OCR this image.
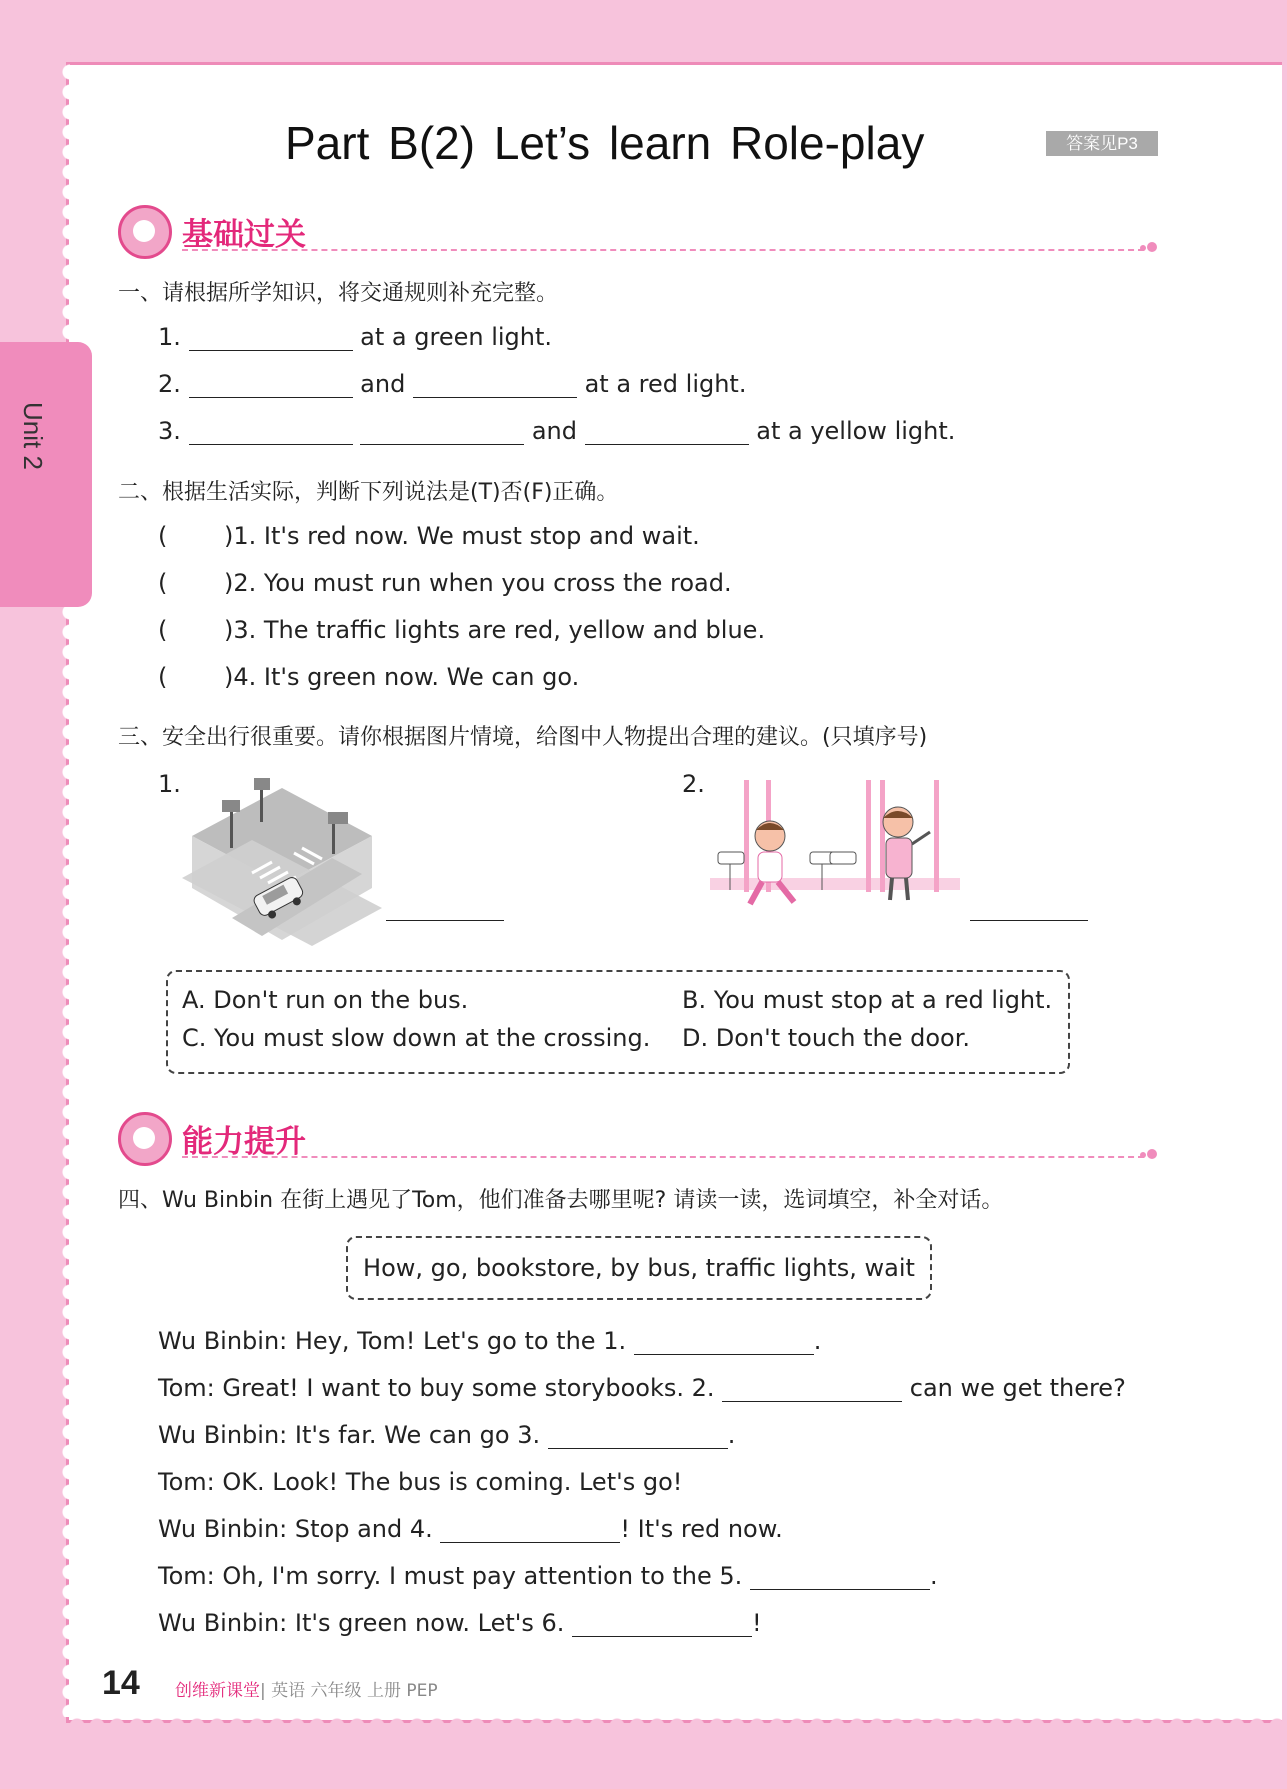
Unit 2
Part B(2) Let’s learn Role-play	答案见P3
基础过关
一、请根据所学知识，将交通规则补充完整。
1.	at a green light.
2.	and	at a red light.
3.	and	at a yellow light.
二、根据生活实际，判断下列说法是(T)否(F)正确。
( )1. It's red now. We must stop and wait.
( )2. You must run when you cross the road.
( )3. The traffic lights are red, yellow and blue.
( )4. It's green now. We can go.
三、安全出行很重要。请你根据图片情境，给图中人物提出合理的建议。(只填序号)
1.	2.
A. Don't run on the bus.	B. You must stop at a red light.
C. You must slow down at the crossing. D. Don't touch the door.
能力提升
四、Wu Binbin 在街上遇见了Tom，他们准备去哪里呢? 请读一读，选词填空，补全对话。
How, go, bookstore, by bus, traffic lights, wait
Wu Binbin: Hey, Tom! Let's go to the 1.	.
Tom: Great! I want to buy some storybooks. 2.	can we get there?
Wu Binbin: It's far. We can go 3.	.
Tom: OK. Look! The bus is coming. Let's go!
Wu Binbin: Stop and 4.	! It's red now.
Tom: Oh, I'm sorry. I must pay attention to the 5.	.
Wu Binbin: It's green now. Let's 6.	!
14 创维新课堂| 英语 六年级 上册 PEP
